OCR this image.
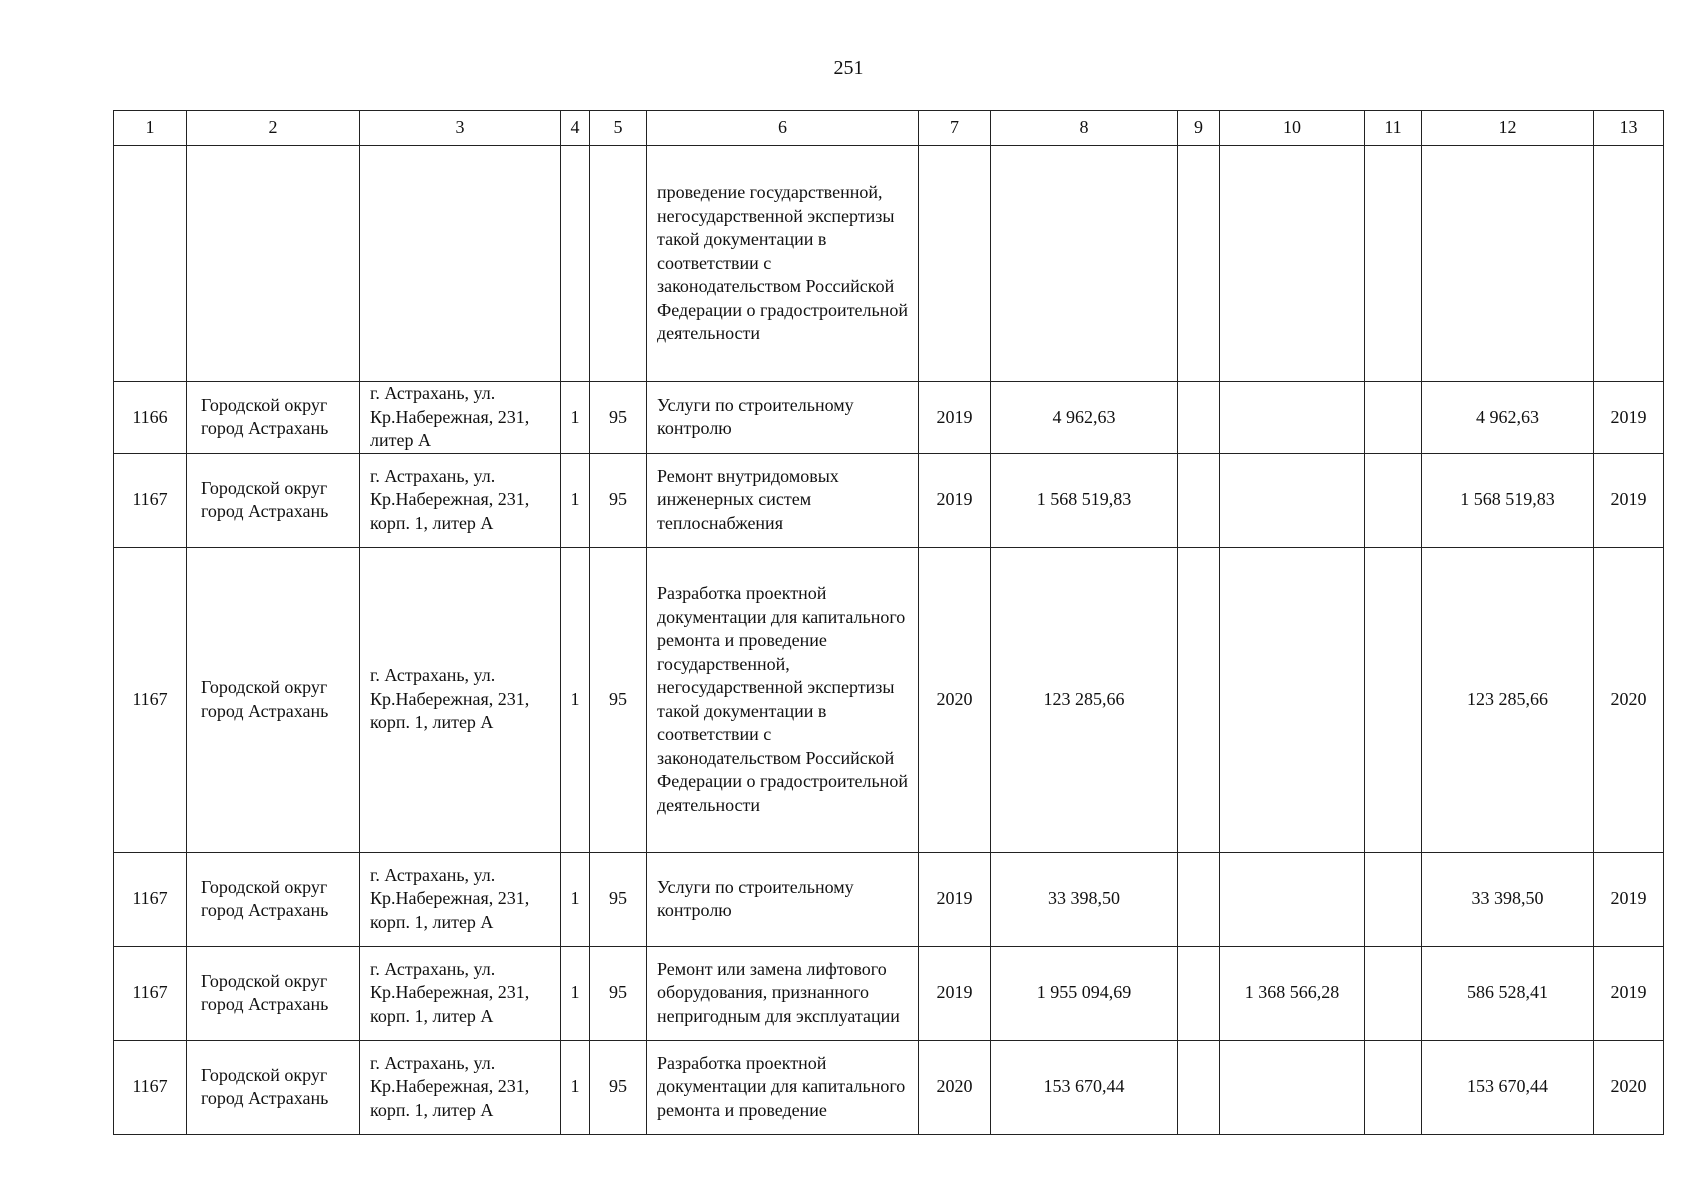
251
1	2	3	4	5	6	7	8	9	10	11	12	13
					проведение государственной, негосударственной экспертизы такой документации в соответствии с законодательством Российской Федерации о градостроительной деятельности							
1166	Городской округ город Астрахань	г. Астрахань, ул. Кр.Набережная, 231, литер А	1	95	Услуги по строительному контролю	2019	4 962,63				4 962,63	2019
1167	Городской округ город Астрахань	г. Астрахань, ул. Кр.Набережная, 231, корп. 1, литер А	1	95	Ремонт внутридомовых инженерных систем теплоснабжения	2019	1 568 519,83				1 568 519,83	2019
1167	Городской округ город Астрахань	г. Астрахань, ул. Кр.Набережная, 231, корп. 1, литер А	1	95	Разработка проектной документации для капитального ремонта и проведение государственной, негосударственной экспертизы такой документации в соответствии с законодательством Российской Федерации о градостроительной деятельности	2020	123 285,66				123 285,66	2020
1167	Городской округ город Астрахань	г. Астрахань, ул. Кр.Набережная, 231, корп. 1, литер А	1	95	Услуги по строительному контролю	2019	33 398,50				33 398,50	2019
1167	Городской округ город Астрахань	г. Астрахань, ул. Кр.Набережная, 231, корп. 1, литер А	1	95	Ремонт или замена лифтового оборудования, признанного непригодным для эксплуатации	2019	1 955 094,69		1 368 566,28		586 528,41	2019
1167	Городской округ город Астрахань	г. Астрахань, ул. Кр.Набережная, 231, корп. 1, литер А	1	95	Разработка проектной документации для капитального ремонта и проведение	2020	153 670,44				153 670,44	2020
